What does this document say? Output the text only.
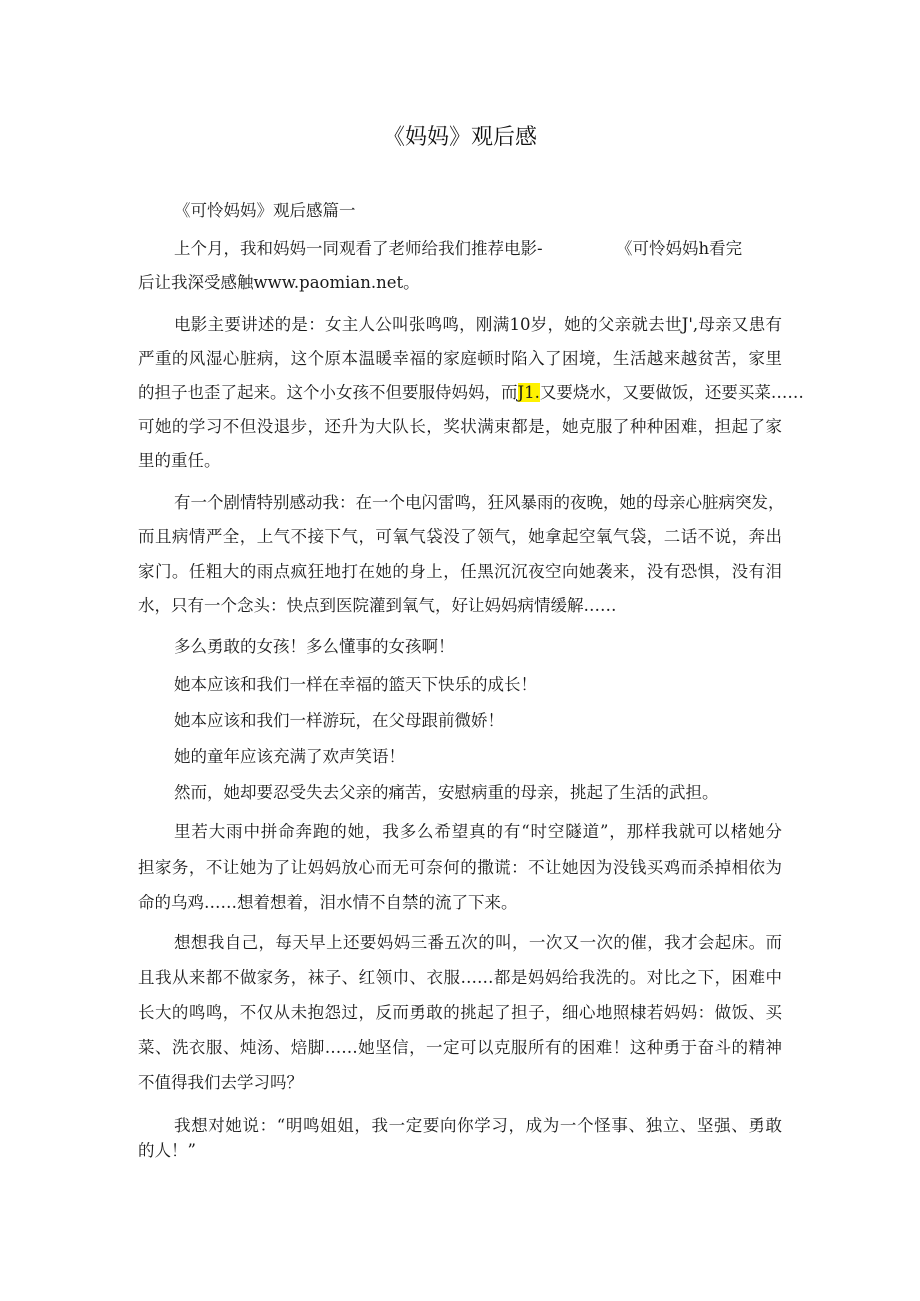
《妈妈》观后感
《可怜妈妈》观后感篇一
上个月，我和妈妈一同观看了老师给我们推荐电影-	《可怜妈妈h看完
后让我深受感触www.paomian.net。
电影主要讲述的是：女主人公叫张鸣鸣，刚满10岁，她的父亲就去世J',母亲又患有
严重的风湿心脏病，这个原本温暖幸福的家庭顿时陷入了困境，生活越来越贫苦，家里
的担子也歪了起来。这个小女孩不但要服侍妈妈，而J1.又要烧水，又要做饭，还要买菜……
可她的学习不但没退步，还升为大队长，奖状满束都是，她克服了种种困难，担起了家
里的重任。
有一个剧情特别感动我：在一个电闪雷鸣，狂风暴雨的夜晚，她的母亲心脏病突发，
而且病情严全，上气不接下气，可氧气袋没了领气，她拿起空氧气袋，二话不说，奔出
家门。任粗大的雨点疯狂地打在她的身上，任黑沉沉夜空向她袭来，没有恐惧，没有泪
水，只有一个念头：快点到医院灌到氧气，好让妈妈病情缓解……
多么勇敢的女孩！多么懂事的女孩啊！
她本应该和我们一样在幸福的篮天下快乐的成长！
她本应该和我们一样游玩，在父母跟前微娇！
她的童年应该充满了欢声笑语！
然而，她却要忍受失去父亲的痛苦，安慰病重的母亲，挑起了生活的武担。
里若大雨中拼命奔跑的她，我多么希望真的有“时空隧道”，那样我就可以楮她分
担家务，不让她为了让妈妈放心而无可奈何的撒谎：不让她因为没钱买鸡而杀掉相依为
命的乌鸡……想着想着，泪水情不自禁的流了下来。
想想我自己，每天早上还要妈妈三番五次的叫，一次又一次的催，我才会起床。而
且我从来都不做家务，袜子、红领巾、衣服……都是妈妈给我洗的。对比之下，困难中
长大的鸣鸣，不仅从未抱怨过，反而勇敢的挑起了担子，细心地照棣若妈妈：做饭、买
菜、洗衣服、炖汤、焙脚……她坚信，一定可以克服所有的困难！这种勇于奋斗的精神
不值得我们去学习吗？
我想对她说：“明鸣姐姐，我一定要向你学习，成为一个怪事、独立、坚强、勇敢
的人！”
